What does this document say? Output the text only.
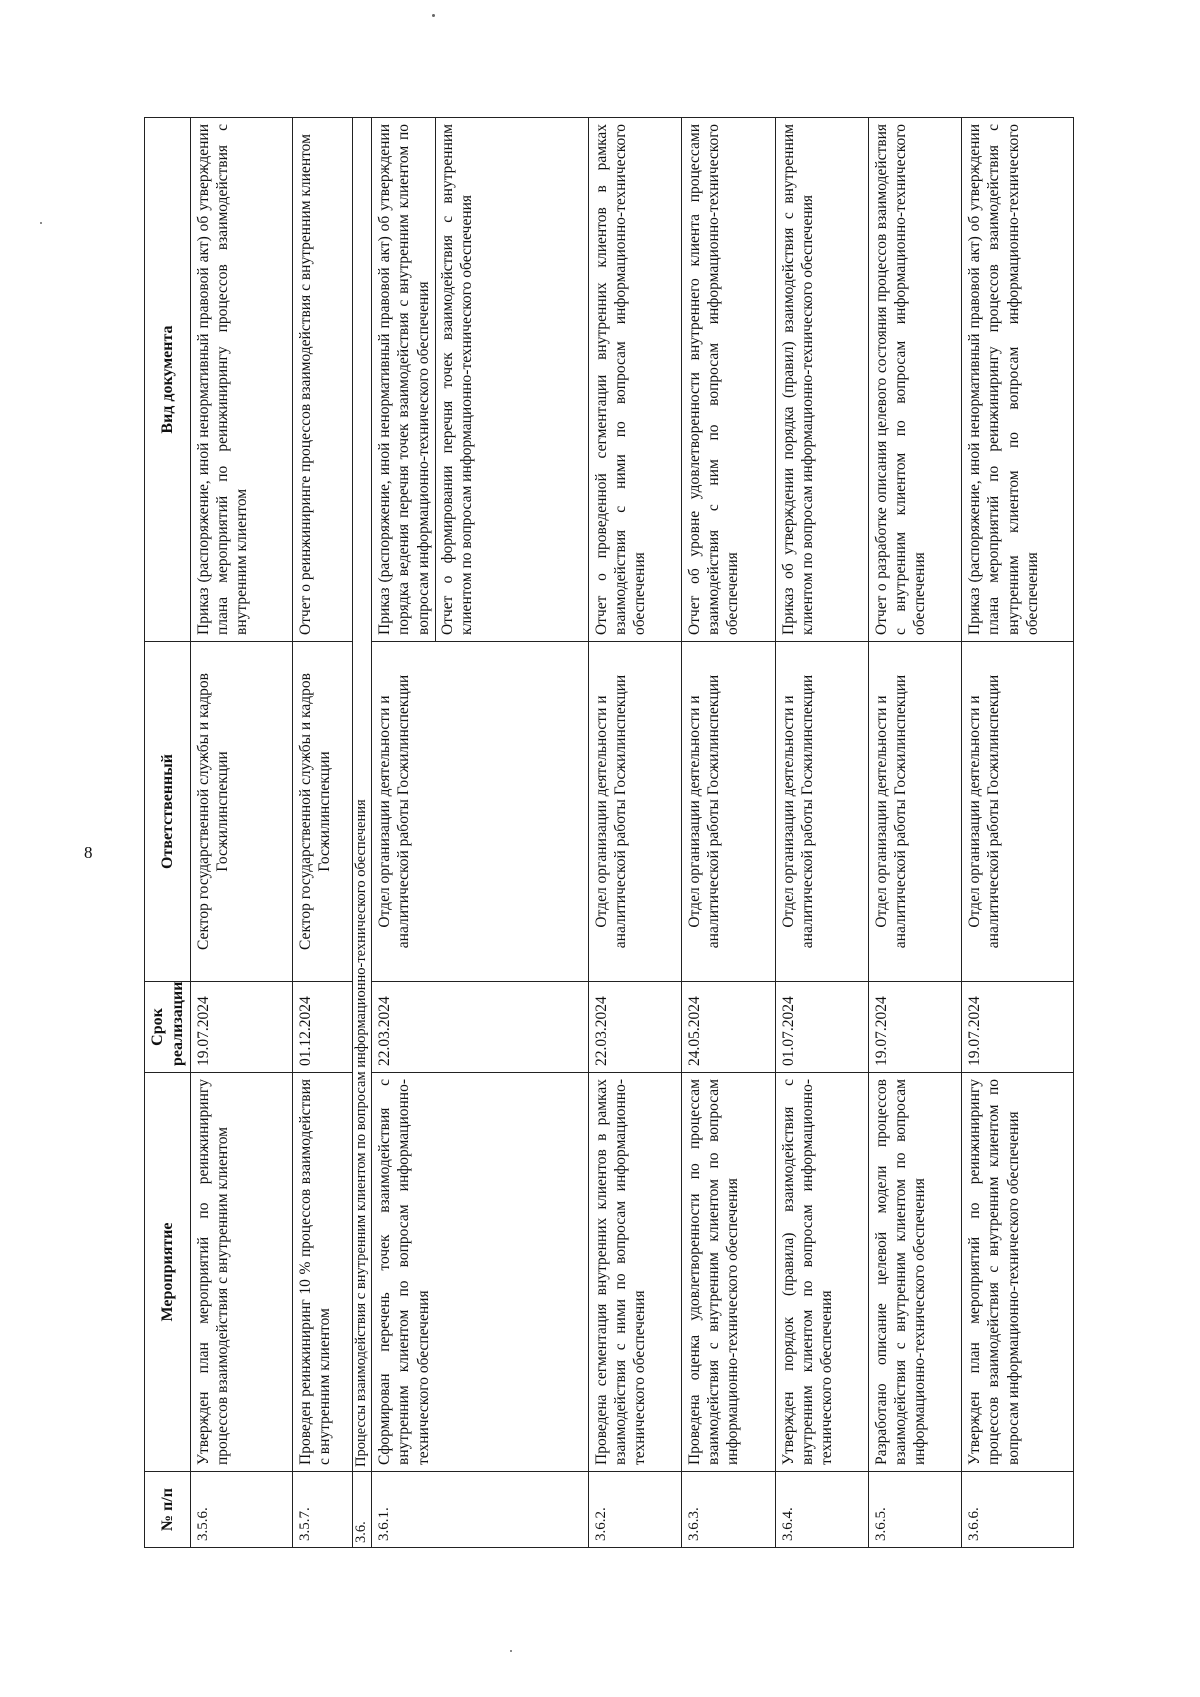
8
№ п/п	Мероприятие	Срок реализации	Ответственный	Вид документа
3.5.6.	Утвержден план мероприятий по реинжинирингу процессов взаимодействия с внутренним клиентом	19.07.2024	Сектор государственной службы и кадров Госжилинспекции	Приказ (распоряжение, иной ненормативный правовой акт) об утверждении плана мероприятий по реинжинирингу процессов взаимодействия с внутренним клиентом

3.5.7.	Проведен реинжиниринг 10 % процессов взаимодействия с внутренним клиентом	01.12.2024	Сектор государственной службы и кадров Госжилинспекции	Отчет о реинжиниринге процессов взаимодействия с внутренним клиентом

3.6.	Процессы взаимодействия с внутренним клиентом по вопросам информационно-технического обеспечения			
3.6.1.	Сформирован перечень точек взаимодействия с внутренним клиентом по вопросам информационно-технического обеспечения	22.03.2024	Отдел организации деятельности и аналитической работы Госжилинспекции	Приказ (распоряжение, иной ненормативный правовой акт) об утверждении порядка ведения перечня точек взаимодействия с внутренним клиентом по вопросам информационно-технического обеспечения Отчет о формировании перечня точек взаимодействия с внутренним клиентом по вопросам информационно-технического обеспечения

3.6.2.	Проведена сегментация внутренних клиентов в рамках взаимодействия с ними по вопросам информационно-технического обеспечения	22.03.2024	Отдел организации деятельности и аналитической работы Госжилинспекции	Отчет о проведенной сегментации внутренних клиентов в рамках взаимодействия с ними по вопросам информационно-технического обеспечения

3.6.3.	Проведена оценка удовлетворенности по процессам взаимодействия с внутренним клиентом по вопросам информационно-технического обеспечения	24.05.2024	Отдел организации деятельности и аналитической работы Госжилинспекции	Отчет об уровне удовлетворенности внутреннего клиента процессами взаимодействия с ним по вопросам информационно-технического обеспечения

3.6.4.	Утвержден порядок (правила) взаимодействия с внутренним клиентом по вопросам информационно-технического обеспечения	01.07.2024	Отдел организации деятельности и аналитической работы Госжилинспекции	Приказ об утверждении порядка (правил) взаимодействия с внутренним клиентом по вопросам информационно-технического обеспечения

3.6.5.	Разработано описание целевой модели процессов взаимодействия с внутренним клиентом по вопросам информационно-технического обеспечения	19.07.2024	Отдел организации деятельности и аналитической работы Госжилинспекции	Отчет о разработке описания целевого состояния процессов взаимодействия с внутренним клиентом по вопросам информационно-технического обеспечения

3.6.6.	Утвержден план мероприятий по реинжинирингу процессов взаимодействия с внутренним клиентом по вопросам информационно-технического обеспечения	19.07.2024	Отдел организации деятельности и аналитической работы Госжилинспекции	Приказ (распоряжение, иной ненормативный правовой акт) об утверждении плана мероприятий по реинжинирингу процессов взаимодействия с внутренним клиентом по вопросам информационно-технического обеспечения
